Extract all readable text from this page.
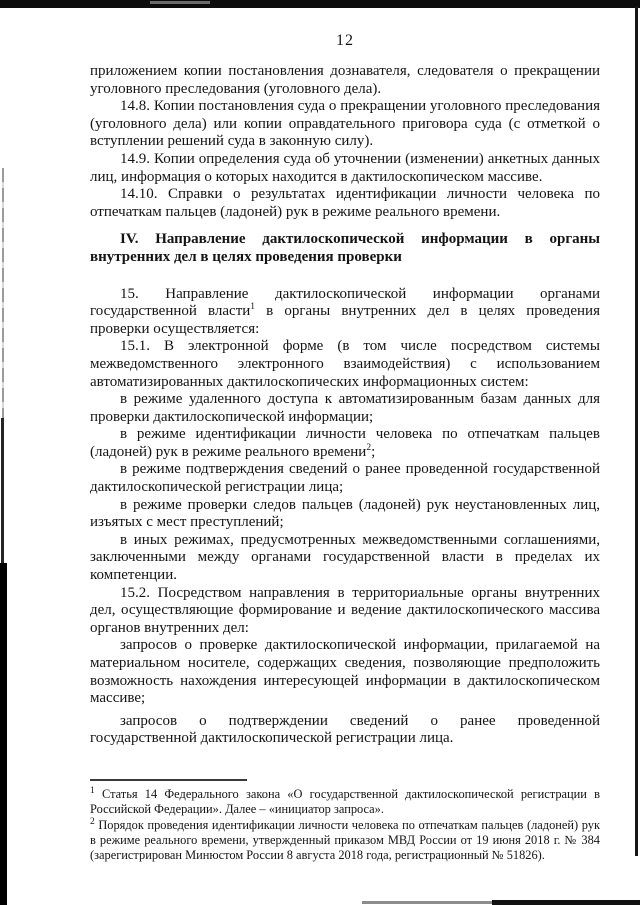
12

приложением копии постановления дознавателя, следователя о прекращении уголовного преследования (уголовного дела).

14.8. Копии постановления суда о прекращении уголовного преследования (уголовного дела) или копии оправдательного приговора суда (с отметкой о вступлении решений суда в законную силу).

14.9. Копии определения суда об уточнении (изменении) анкетных данных лиц, информация о которых находится в дактилоскопическом массиве.

14.10. Справки о результатах идентификации личности человека по отпечаткам пальцев (ладоней) рук в режиме реального времени.

IV. Направление дактилоскопической информации в органы внутренних дел в целях проведения проверки

15. Направление дактилоскопической информации органами государственной власти$^1$ в органы внутренних дел в целях проведения проверки осуществляется:

15.1. В электронной форме (в том числе посредством системы межведомственного электронного взаимодействия) с использованием автоматизированных дактилоскопических информационных систем:

в режиме удаленного доступа к автоматизированным базам данных для проверки дактилоскопической информации;

в режиме идентификации личности человека по отпечаткам пальцев (ладоней) рук в режиме реального времени$^2$;

в режиме подтверждения сведений о ранее проведенной государственной дактилоскопической регистрации лица;

в режиме проверки следов пальцев (ладоней) рук неустановленных лиц, изъятых с мест преступлений;

в иных режимах, предусмотренных межведомственными соглашениями, заключенными между органами государственной власти в пределах их компетенции.

15.2. Посредством направления в территориальные органы внутренних дел, осуществляющие формирование и ведение дактилоскопического массива органов внутренних дел:

запросов о проверке дактилоскопической информации, прилагаемой на материальном носителе, содержащих сведения, позволяющие предположить возможность нахождения интересующей информации в дактилоскопическом массиве;

запросов о подтверждении сведений о ранее проведенной государственной дактилоскопической регистрации лица.

$^1$ Статья 14 Федерального закона «О государственной дактилоскопической регистрации в Российской Федерации». Далее – «инициатор запроса».

$^2$ Порядок проведения идентификации личности человека по отпечаткам пальцев (ладоней) рук в режиме реального времени, утвержденный приказом МВД России от 19 июня 2018 г. № 384 (зарегистрирован Минюстом России 8 августа 2018 года, регистрационный № 51826).
